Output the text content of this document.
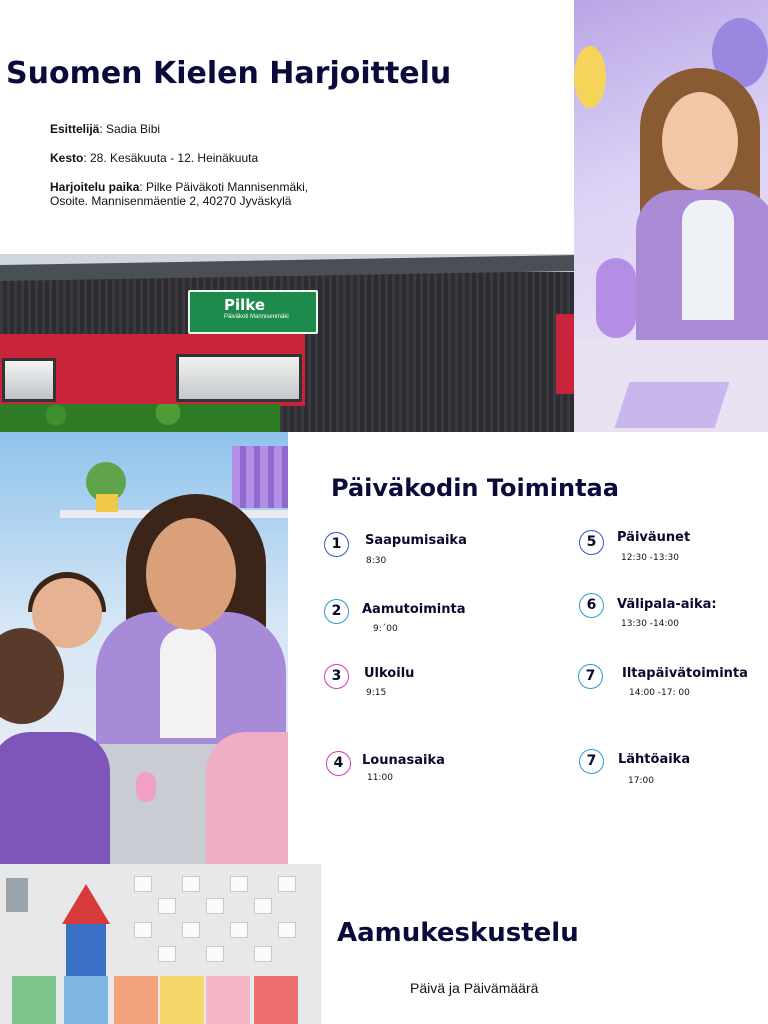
Suomen Kielen Harjoittelu
Esittelijä: Sadia Bibi
Kesto: 28. Kesäkuuta - 12. Heinäkuuta
Harjoitelu paika: Pilke Päiväkoti Mannisenmäki,
Osoite. Mannisenmäentie 2, 40270 Jyväskylä
Pilke
Päiväkoti Mannisenmäki
Päiväkodin Toimintaa
1	Saapumisaika
8:30
2	Aamutoiminta
9:´00
3	Ulkoilu
9:15
4	Lounasaika
11:00
5	Päiväunet
12:30 -13:30
6	Välipala-aika:
13:30 -14:00
7	Iltapäivätoiminta
14:00 -17: 00
7	Lähtöaika
17:00
Aamukeskustelu
Päivä ja Päivämäärä
